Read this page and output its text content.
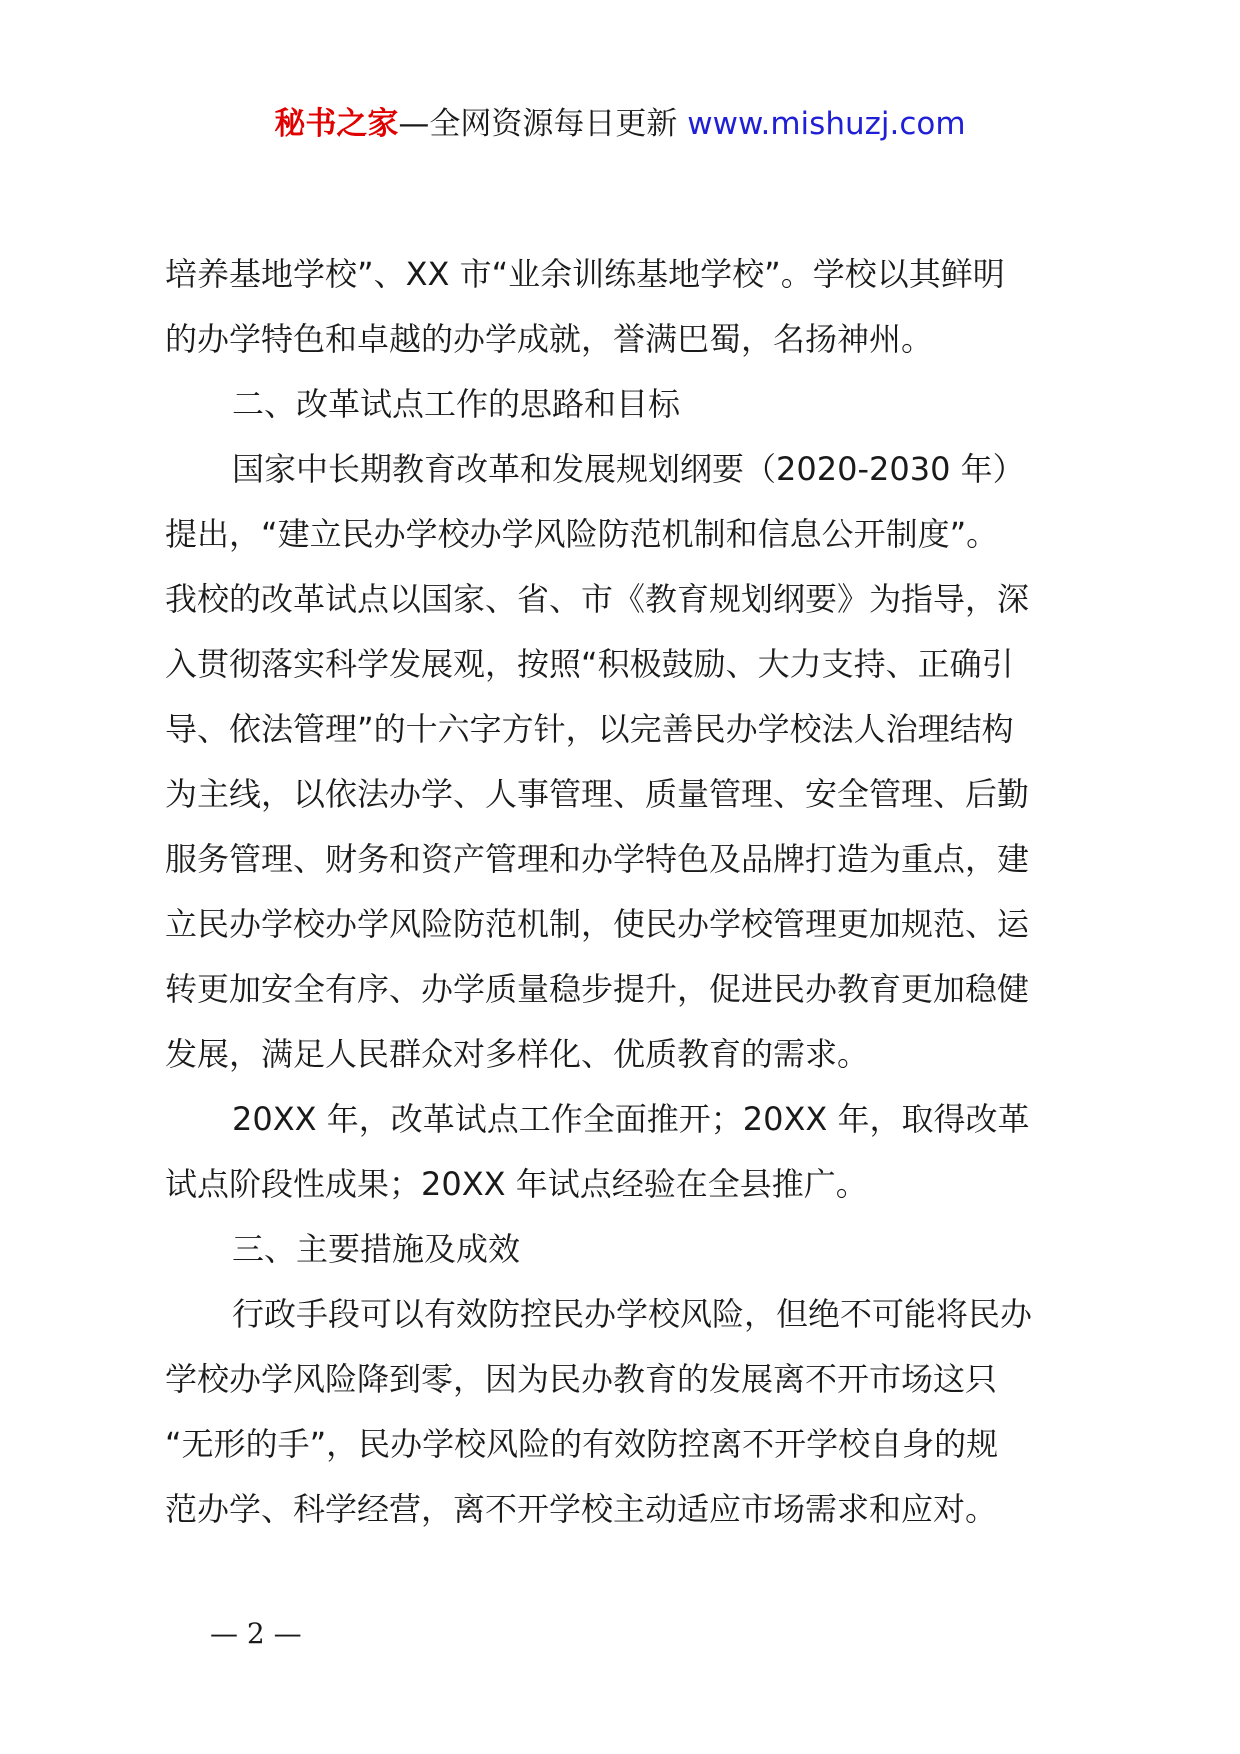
秘书之家—全网资源每日更新 www.mishuzj.com
培养基地学校”、XX 市“业余训练基地学校”。学校以其鲜明
的办学特色和卓越的办学成就，誉满巴蜀，名扬神州。
二、改革试点工作的思路和目标
国家中长期教育改革和发展规划纲要（2020-2030 年）
提出，“建立民办学校办学风险防范机制和信息公开制度”。
我校的改革试点以国家、省、市《教育规划纲要》为指导，深
入贯彻落实科学发展观，按照“积极鼓励、大力支持、正确引
导、依法管理”的十六字方针，以完善民办学校法人治理结构
为主线，以依法办学、人事管理、质量管理、安全管理、后勤
服务管理、财务和资产管理和办学特色及品牌打造为重点，建
立民办学校办学风险防范机制，使民办学校管理更加规范、运
转更加安全有序、办学质量稳步提升，促进民办教育更加稳健
发展，满足人民群众对多样化、优质教育的需求。
20XX 年，改革试点工作全面推开；20XX 年，取得改革
试点阶段性成果；20XX 年试点经验在全县推广。
三、主要措施及成效
行政手段可以有效防控民办学校风险，但绝不可能将民办
学校办学风险降到零，因为民办教育的发展离不开市场这只
“无形的手”，民办学校风险的有效防控离不开学校自身的规
范办学、科学经营，离不开学校主动适应市场需求和应对。
— 2 —
